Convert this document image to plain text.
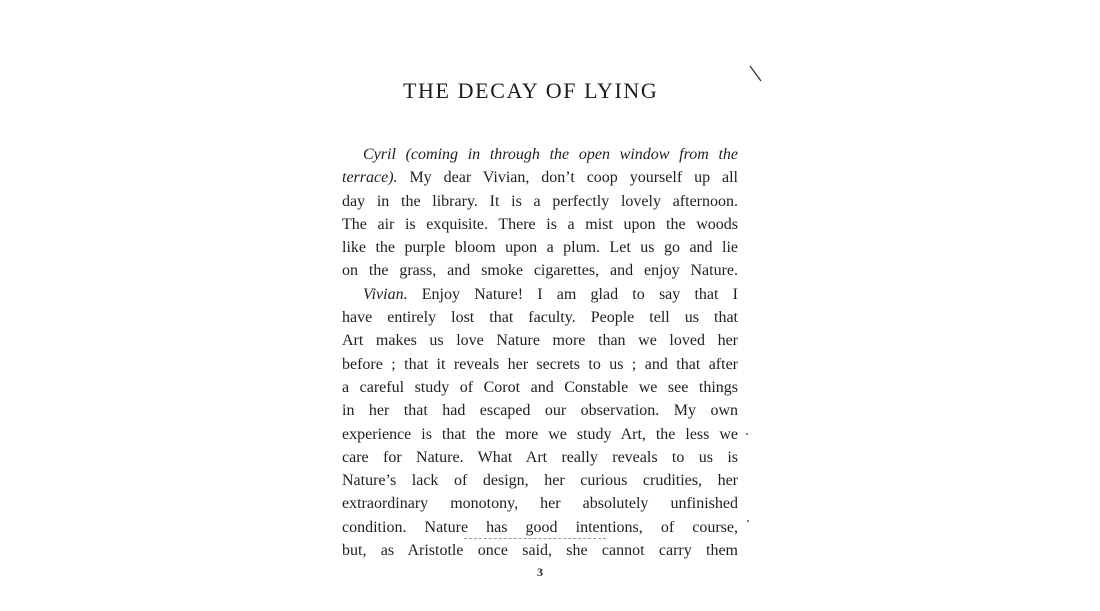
THE DECAY OF LYING
Cyril (coming in through the open window from the
terrace). My dear Vivian, don’t coop yourself up all
day in the library. It is a perfectly lovely afternoon.
The air is exquisite. There is a mist upon the woods
like the purple bloom upon a plum. Let us go and lie
on the grass, and smoke cigarettes, and enjoy Nature.
Vivian. Enjoy Nature! I am glad to say that I
have entirely lost that faculty. People tell us that
Art makes us love Nature more than we loved her
before ; that it reveals her secrets to us ; and that after
a careful study of Corot and Constable we see things
in her that had escaped our observation. My own
experience is that the more we study Art, the less we
care for Nature. What Art really reveals to us is
Nature’s lack of design, her curious crudities, her
extraordinary monotony, her absolutely unfinished
condition. Nature has good intentions, of course,
but, as Aristotle once said, she cannot carry them
3
